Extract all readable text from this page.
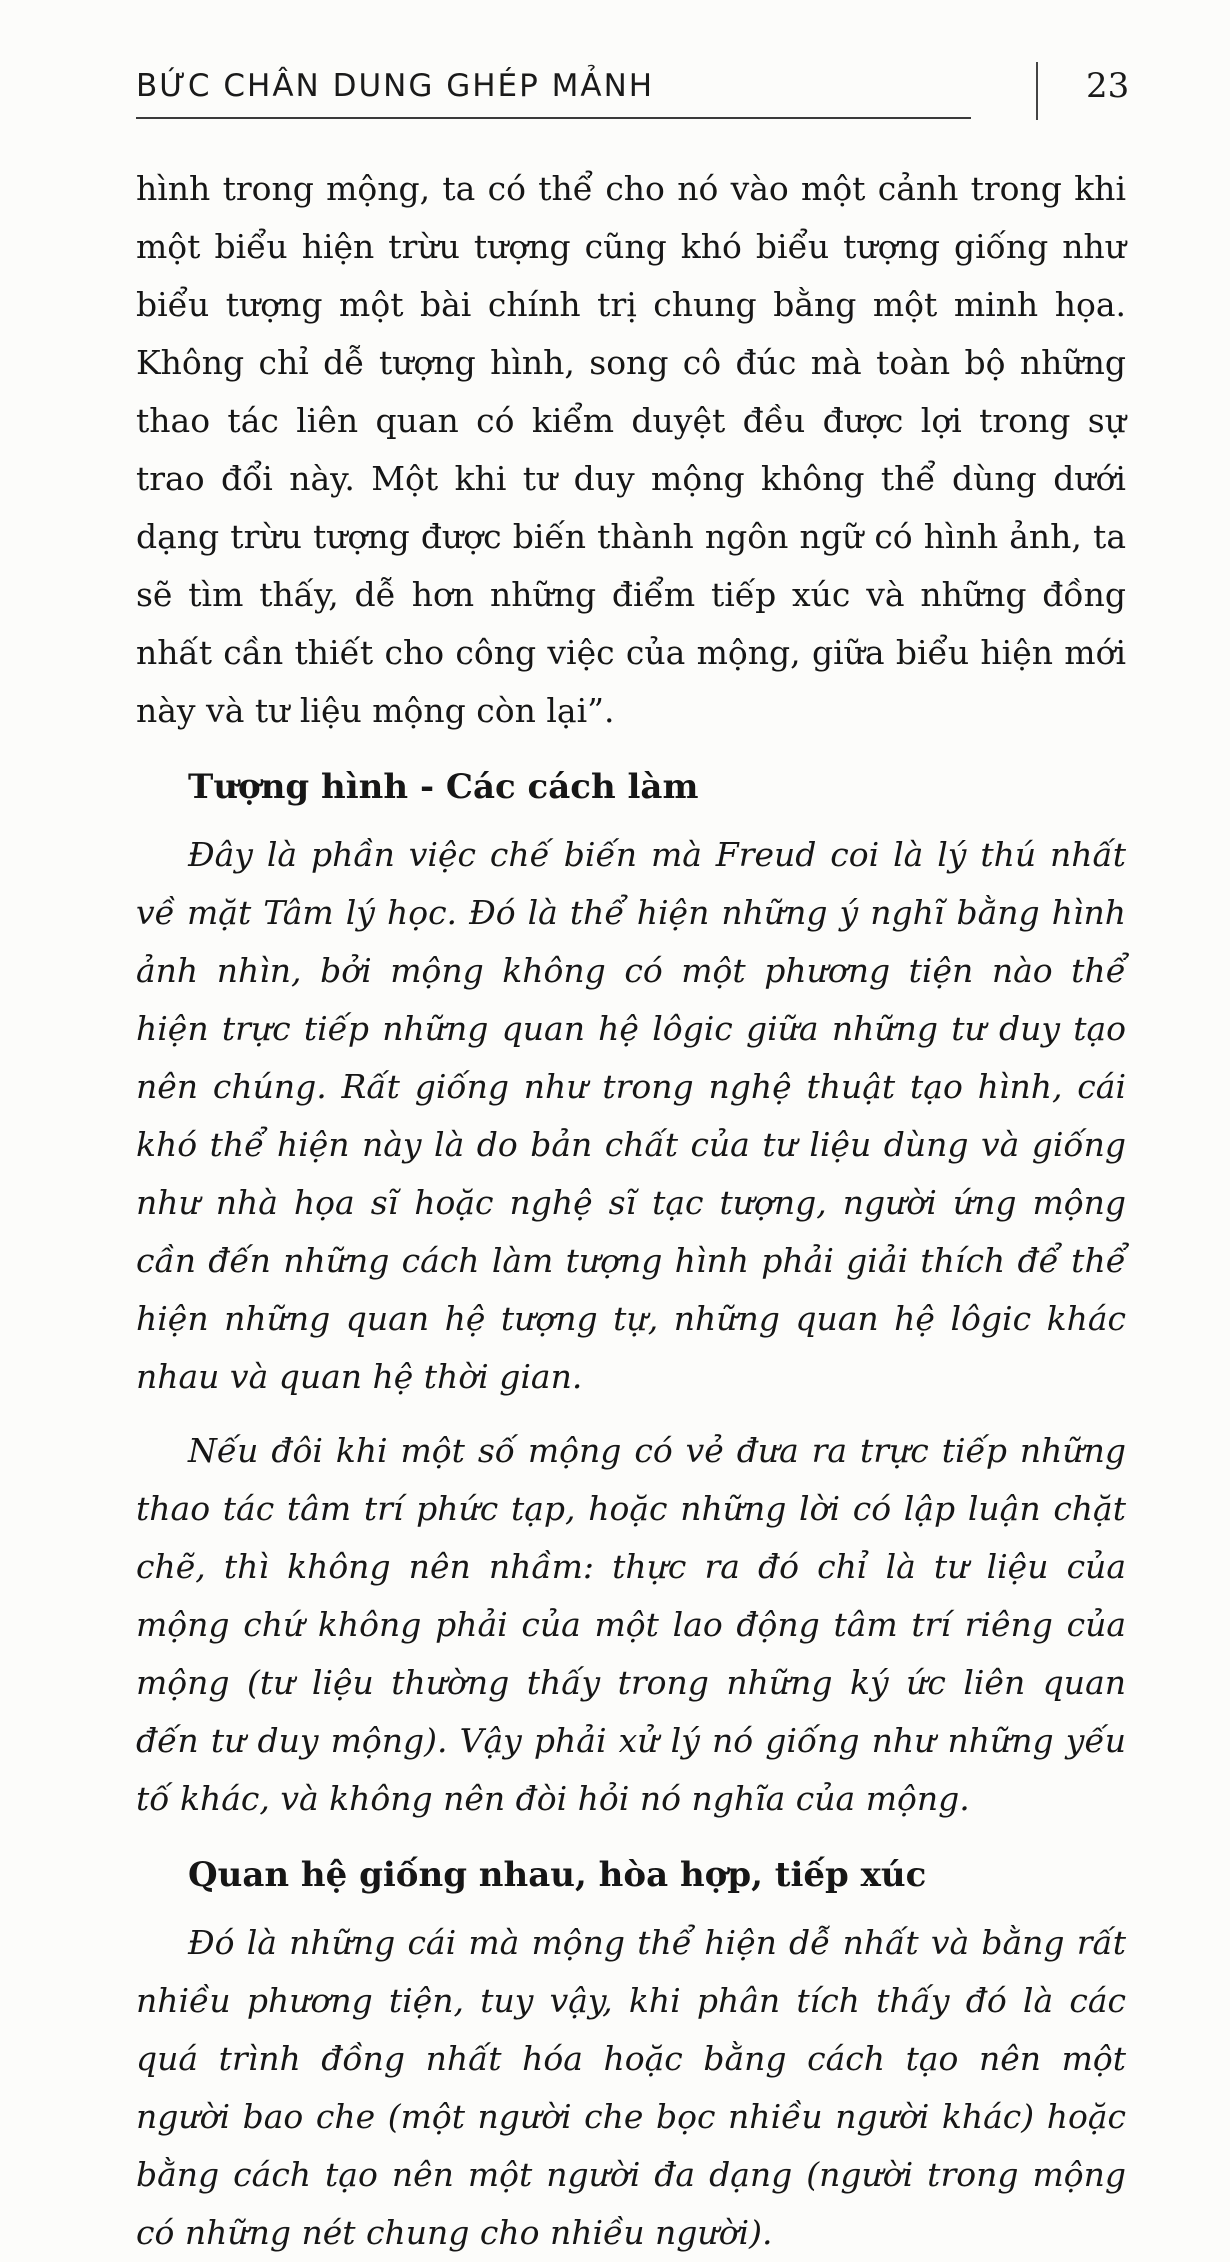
BỨC CHÂN DUNG GHÉP MẢNH	23

hình trong mộng, ta có thể cho nó vào một cảnh trong khi một biểu hiện trừu tượng cũng khó biểu tượng giống như biểu tượng một bài chính trị chung bằng một minh họa. Không chỉ dễ tượng hình, song cô đúc mà toàn bộ những thao tác liên quan có kiểm duyệt đều được lợi trong sự trao đổi này. Một khi tư duy mộng không thể dùng dưới dạng trừu tượng được biến thành ngôn ngữ có hình ảnh, ta sẽ tìm thấy, dễ hơn những điểm tiếp xúc và những đồng nhất cần thiết cho công việc của mộng, giữa biểu hiện mới này và tư liệu mộng còn lại”.

Tượng hình - Các cách làm

Đây là phần việc chế biến mà Freud coi là lý thú nhất về mặt Tâm lý học. Đó là thể hiện những ý nghĩ bằng hình ảnh nhìn, bởi mộng không có một phương tiện nào thể hiện trực tiếp những quan hệ lôgic giữa những tư duy tạo nên chúng. Rất giống như trong nghệ thuật tạo hình, cái khó thể hiện này là do bản chất của tư liệu dùng và giống như nhà họa sĩ hoặc nghệ sĩ tạc tượng, người ứng mộng cần đến những cách làm tượng hình phải giải thích để thể hiện những quan hệ tượng tự, những quan hệ lôgic khác nhau và quan hệ thời gian.

Nếu đôi khi một số mộng có vẻ đưa ra trực tiếp những thao tác tâm trí phức tạp, hoặc những lời có lập luận chặt chẽ, thì không nên nhầm: thực ra đó chỉ là tư liệu của mộng chứ không phải của một lao động tâm trí riêng của mộng (tư liệu thường thấy trong những ký ức liên quan đến tư duy mộng). Vậy phải xử lý nó giống như những yếu tố khác, và không nên đòi hỏi nó nghĩa của mộng.

Quan hệ giống nhau, hòa hợp, tiếp xúc

Đó là những cái mà mộng thể hiện dễ nhất và bằng rất nhiều phương tiện, tuy vậy, khi phân tích thấy đó là các quá trình đồng nhất hóa hoặc bằng cách tạo nên một người bao che (một người che bọc nhiều người khác) hoặc bằng cách tạo nên một người đa dạng (người trong mộng có những nét chung cho nhiều người).
